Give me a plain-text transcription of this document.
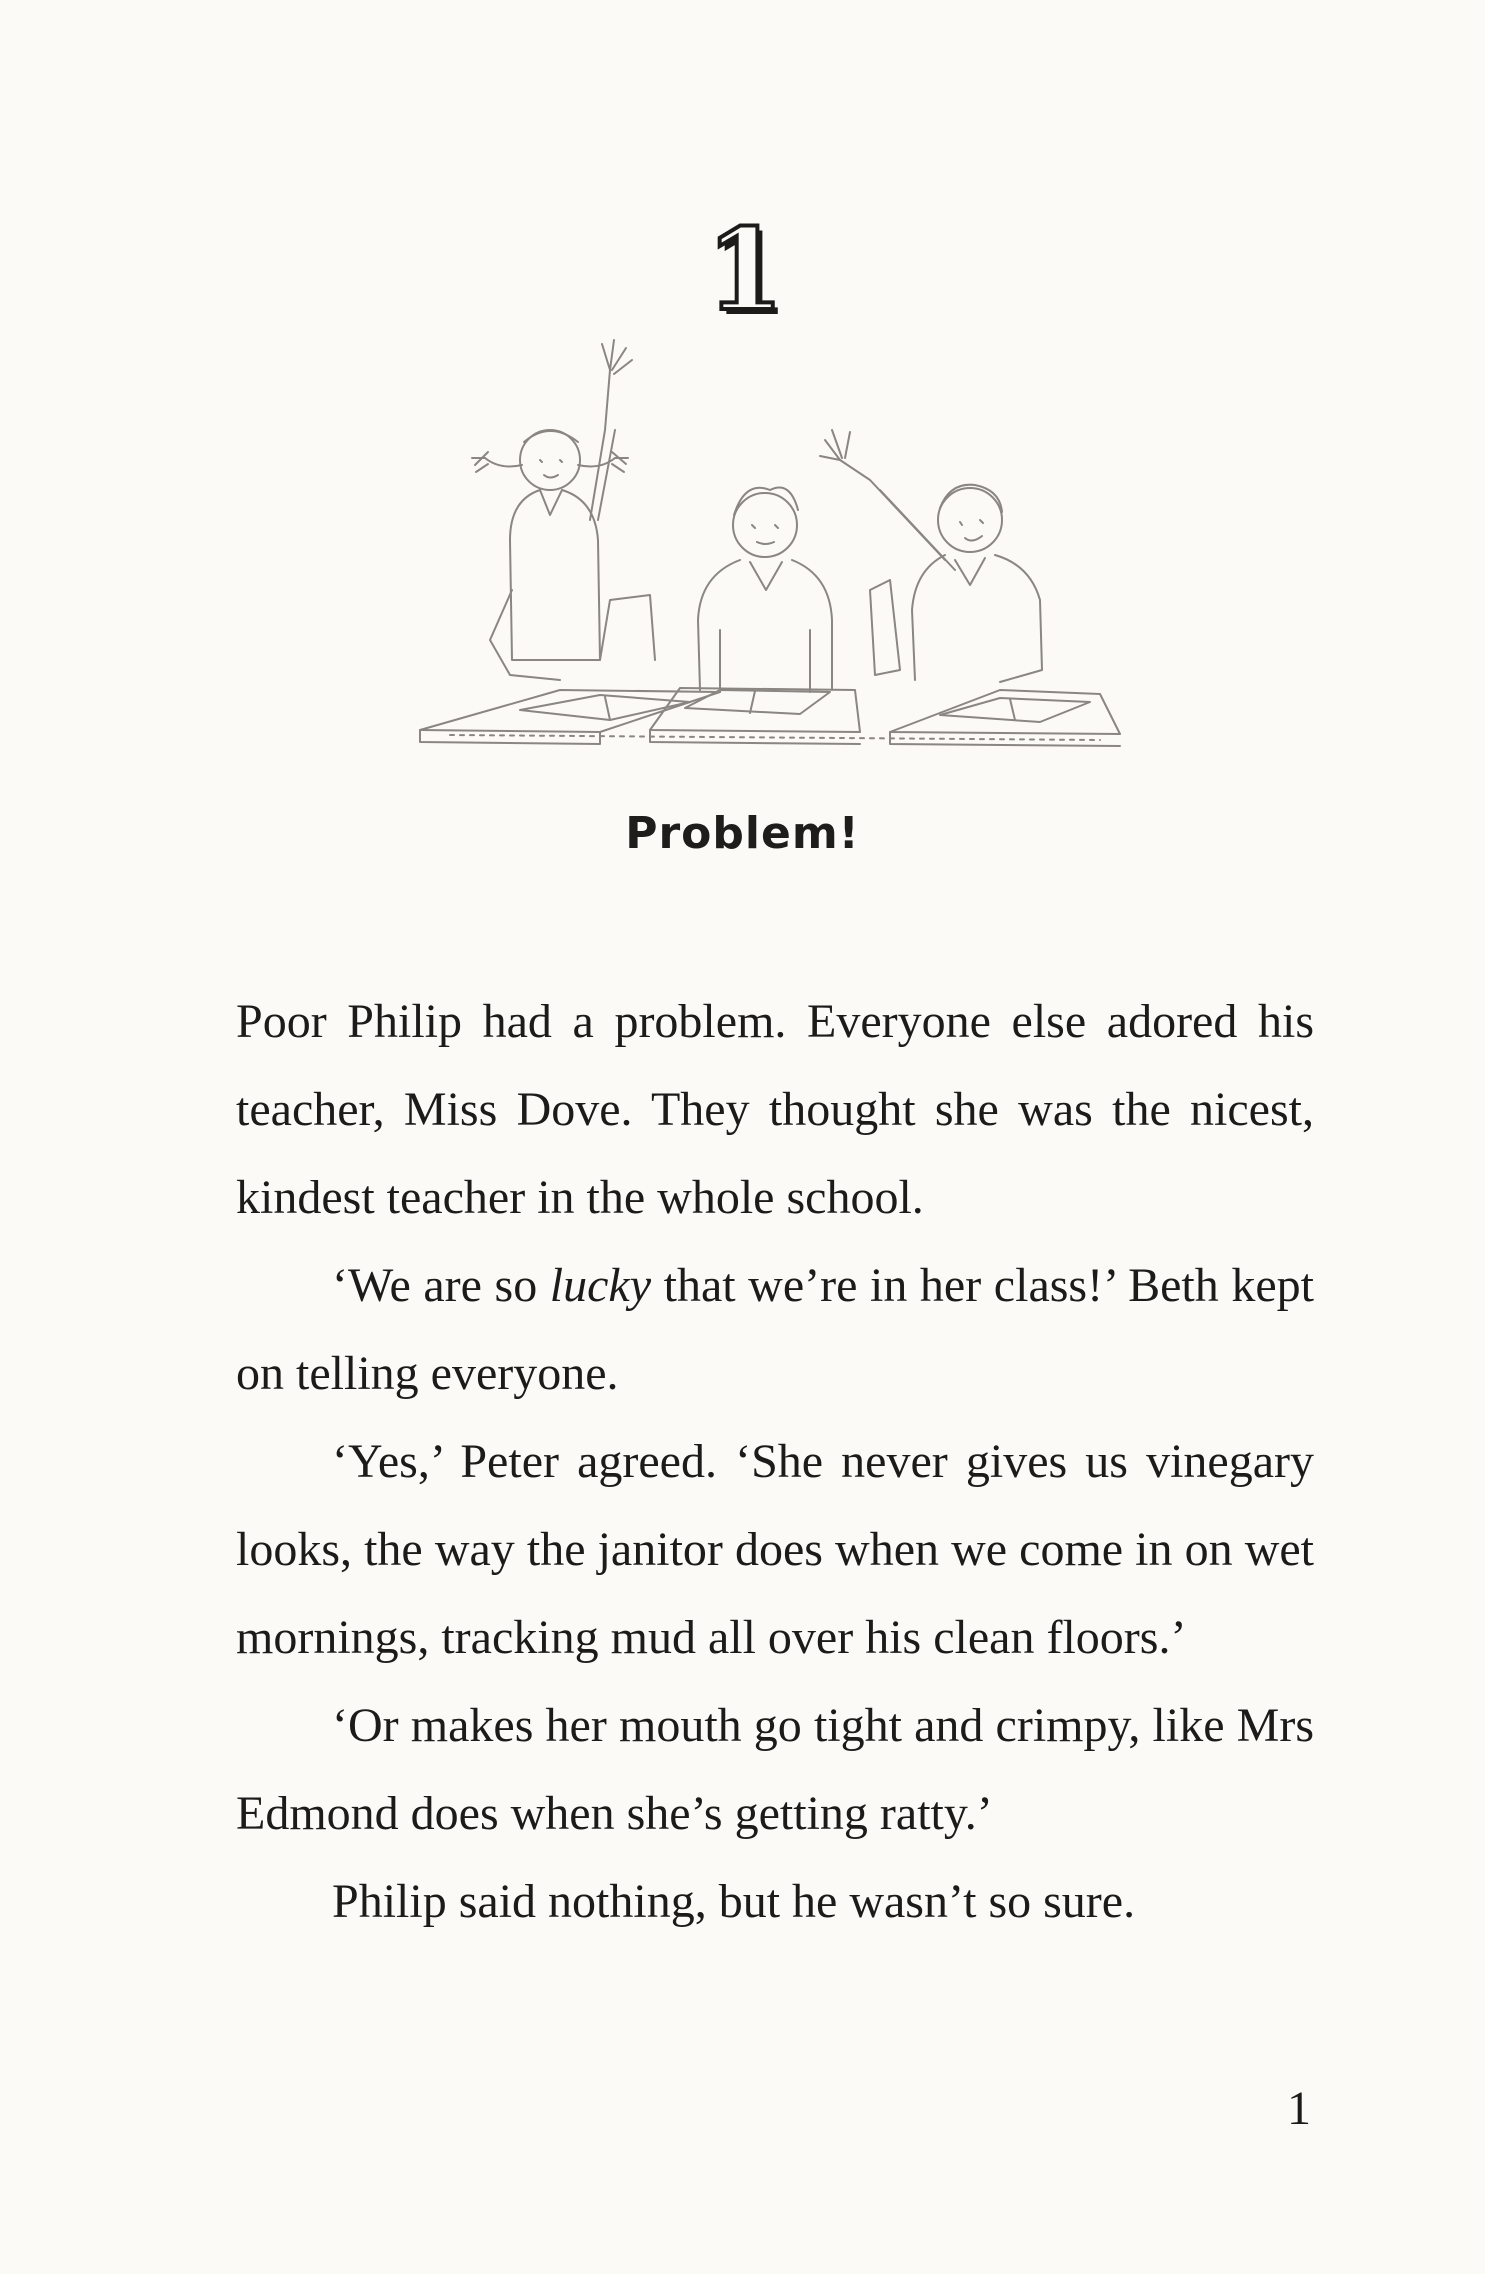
1
Problem!

Poor Philip had a problem. Everyone else adored his teacher, Miss Dove. They thought she was the nicest, kindest teacher in the whole school.

‘We are so lucky that we’re in her class!’ Beth kept on telling everyone.

‘Yes,’ Peter agreed. ‘She never gives us vinegary looks, the way the janitor does when we come in on wet mornings, tracking mud all over his clean floors.’

‘Or makes her mouth go tight and crimpy, like Mrs Edmond does when she’s getting ratty.’

Philip said nothing, but he wasn’t so sure.

1
